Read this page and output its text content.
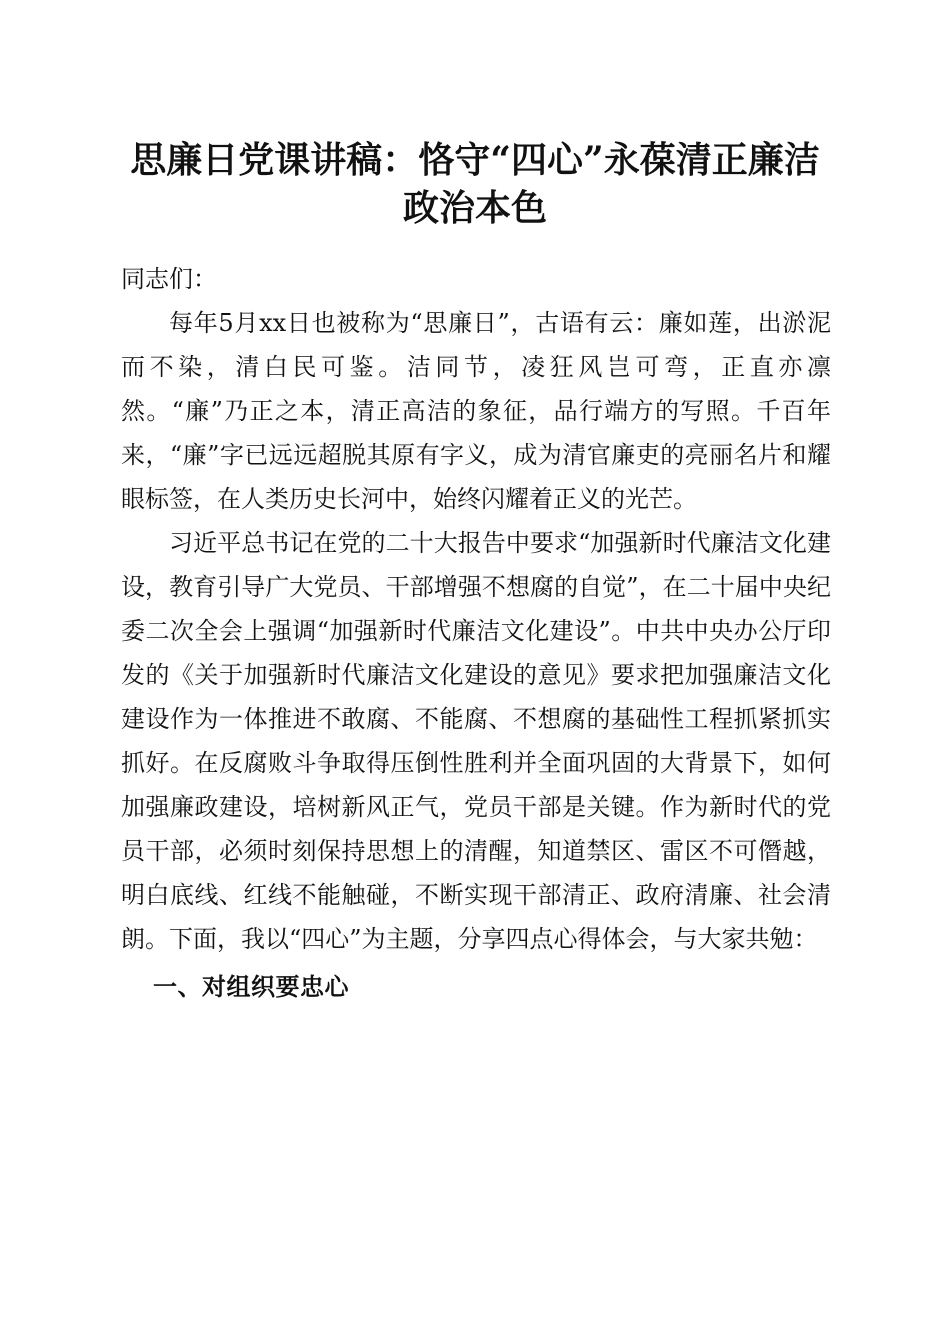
思廉日党课讲稿：恪守“四心”永葆清正廉洁
政治本色

同志们：

每年5月xx日也被称为“思廉日”，古语有云：廉如莲，出淤泥而不染，清白民可鉴。洁同节，凌狂风岂可弯，正直亦凛然。“廉”乃正之本，清正高洁的象征，品行端方的写照。千百年来，“廉”字已远远超脱其原有字义，成为清官廉吏的亮丽名片和耀眼标签，在人类历史长河中，始终闪耀着正义的光芒。

习近平总书记在党的二十大报告中要求“加强新时代廉洁文化建设，教育引导广大党员、干部增强不想腐的自觉”，在二十届中央纪委二次全会上强调“加强新时代廉洁文化建设”。中共中央办公厅印发的《关于加强新时代廉洁文化建设的意见》要求把加强廉洁文化建设作为一体推进不敢腐、不能腐、不想腐的基础性工程抓紧抓实抓好。在反腐败斗争取得压倒性胜利并全面巩固的大背景下，如何加强廉政建设，培树新风正气，党员干部是关键。作为新时代的党员干部，必须时刻保持思想上的清醒，知道禁区、雷区不可僭越，明白底线、红线不能触碰，不断实现干部清正、政府清廉、社会清朗。下面，我以“四心”为主题，分享四点心得体会，与大家共勉：

一、对组织要忠心
